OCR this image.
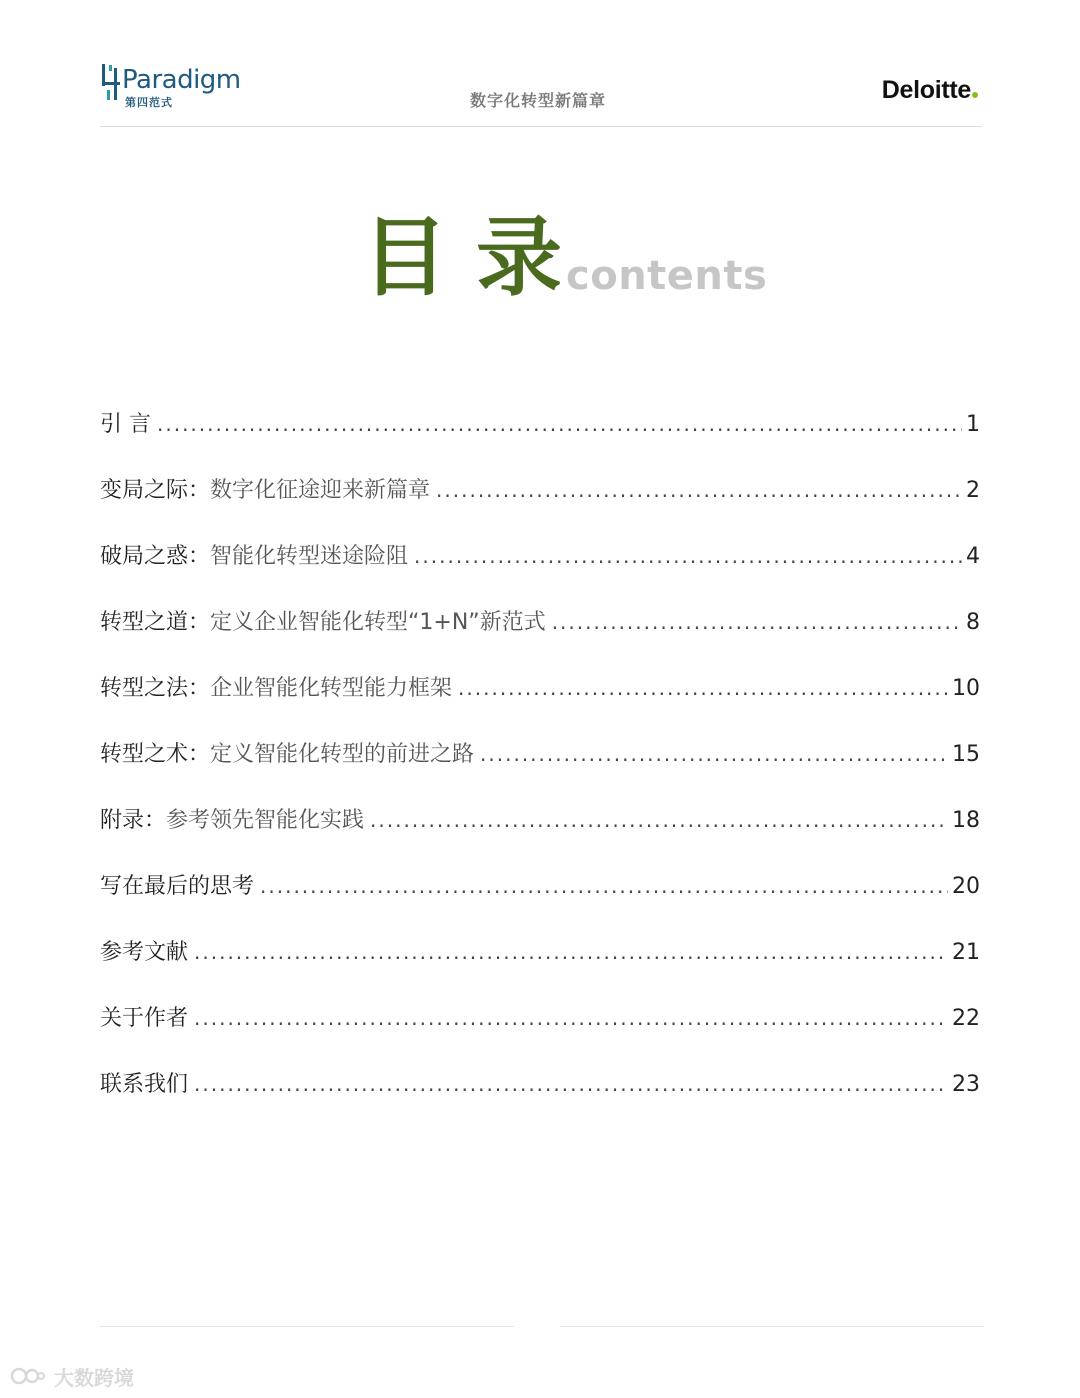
Paradigm
第四范式	数字化转型新篇章	Deloitte
目录
contents
引 言 .....	1
变局之际： 数字化征途迎来新篇章 .....	2
破局之惑： 智能化转型迷途险阻 .....	4
转型之道： 定义企业智能化转型“1+N”新范式 .....	8
转型之法： 企业智能化转型能力框架 .....	10
转型之术： 定义智能化转型的前进之路 .....	15
附录： 参考领先智能化实践 .....	18
写在最后的思考 .....	20
参考文献 .....	21
关于作者 .....	22
联系我们 .....	23
大数跨境
